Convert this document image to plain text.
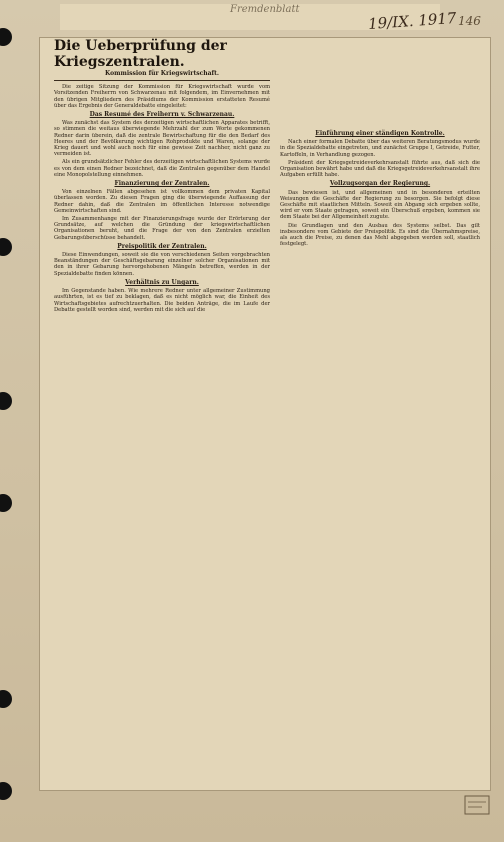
Fremdenblatt	19/IX. 1917 146
Die Ueberprüfung der Kriegszentralen.
Kommission für Kriegswirtschaft.

Die zeitige Sitzung der Kommission für Kriegswirtschaft wurde vom Vorsitzenden Freiherrn von Schwarzenau mit folgendem, im Einvernehmen mit den übrigen Mitgliedern des Präsidiums der Kommission erstatteten Resumé über das Ergebnis der Generaldebatte eingeleitet:

Das Resumé des Freiherrn v. Schwarzenau.

Was zunächst das System des derzeitigen wirtschaftlichen Apparates betrifft, so stimmen die weitaus überwiegende Mehrzahl der zum Worte gekommenen Redner darin überein, daß die zentrale Bewirtschaftung für die den Bedarf des Heeres und der Bevölkerung wichtigen Rohprodukte und Waren, solange der Krieg dauert und wohl auch noch für eine gewisse Zeit nachher, nicht ganz zu vermeiden ist.

Als ein grundsätzlicher Fehler des derzeitigen wirtschaftlichen Systems wurde es von dem einen Redner bezeichnet, daß die Zentralen gegenüber dem Handel eine Monopolstellung einnehmen.

Finanzierung der Zentralen.

Von einzelnen Fällen abgesehen ist vollkommen dem privaten Kapital überlassen worden. Zu diesen Fragen ging die überwiegende Auffassung der Redner dahin, daß die Zentralen im öffentlichen Interesse notwendige Gemeinwirtschaften sind.

Im Zusammenhange mit der Finanzierungsfrage wurde der Erörterung der Grundsätze, auf welchen die Gründung der kriegswirtschaftlichen Organisationen beruht, und die Frage der von den Zentralen erzielten Gebarungsüberschüsse behandelt.

Preispolitik der Zentralen.

Diese Einwendungen, soweit sie die von verschiedenen Seiten vorgebrachten Beanständungen der Geschäftsgebarung einzelner solcher Organisationen mit den in ihrer Gebarung hervorgehobenen Mängeln betreffen, werden in der Spezialdebatte finden können.

Verhältnis zu Ungarn.

Im Gegenstande haben. Wie mehrere Redner unter allgemeiner Zustimmung ausführten, ist es tief zu beklagen, daß es nicht möglich war, die Einheit des Wirtschaftsgebietes aufrechtzuerhalten. Die beiden Anträge, die im Laufe der Debatte gestellt worden sind, werden mit die sich auf die

Einführung einer ständigen Kontrolle.

Nach einer formalen Debatte über das weiteren Beratungsmodus wurde in die Spezialdebatte eingetreten, und zunächst Gruppe I, Getreide, Futter, Kartoffeln, in Verhandlung gezogen.

Präsident der Kriegsgetreideverkehrsanstalt führte aus, daß sich die Organisation bewährt habe und daß die Kriegsgetreideverkehrsanstalt ihre Aufgaben erfüllt habe.

Vollzugsorgan der Regierung.

Das bewiesen ist, und allgemeinen und in besonderen erteilten Weisungen die Geschäfte der Regierung zu besorgen. Sie befolgt diese Geschäfte mit staatlichen Mitteln. Soweit ein Abgang sich ergeben sollte, wird er vom Staate getragen, soweit ein Überschuß ergeben, kommen sie dem Staate bei der Allgemeinheit zugute.

Die Grundlagen und den Ausbau des Systems selbst. Das gilt insbesondere vom Gebiete der Preispolitik. Es sind die Übernahmspreise, als auch die Preise, zu denen das Mehl abgegeben werden soll, staatlich festgelegt.
